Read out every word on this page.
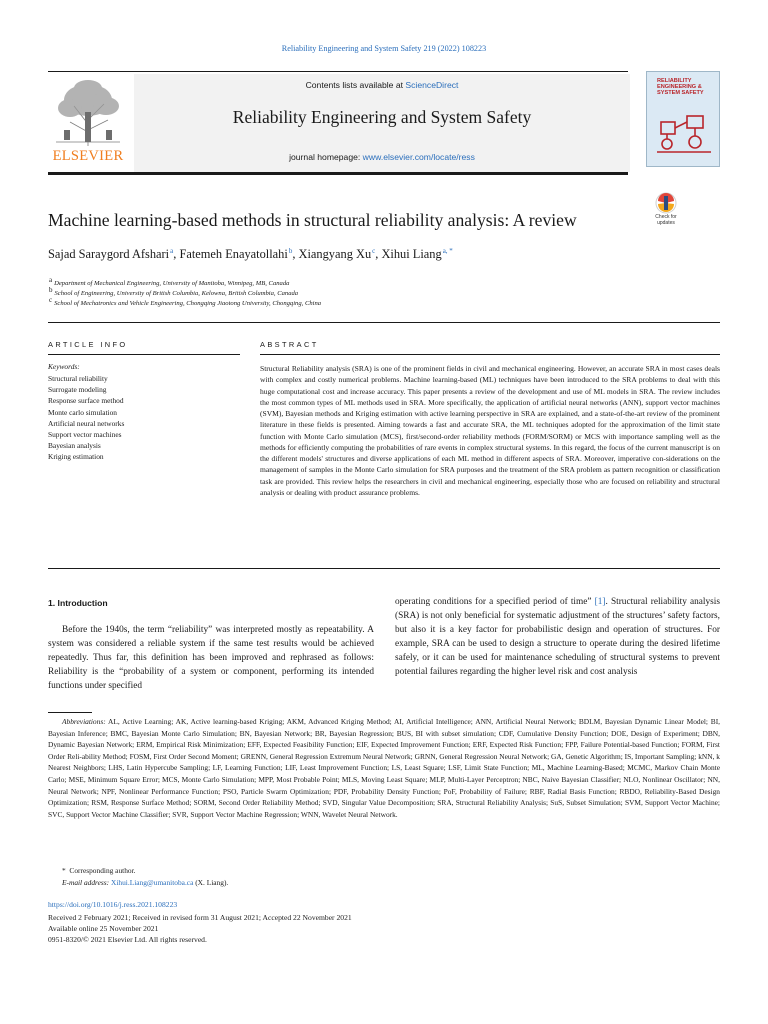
Reliability Engineering and System Safety 219 (2022) 108223
ELSEVIER
Contents lists available at ScienceDirect
Reliability Engineering and System Safety
journal homepage: www.elsevier.com/locate/ress
RELIABILITY ENGINEERING & SYSTEM SAFETY
Machine learning-based methods in structural reliability analysis: A review	Check for updates
Sajad Saraygord Afshari$^a$, Fatemeh Enayatollahi$^b$, Xiangyang Xu$^c$, Xihui Liang$^{a, *}$
$^a$ Department of Mechanical Engineering, University of Manitoba, Winnipeg, MB, Canada
$^b$ School of Engineering, University of British Columbia, Kelowna, British Columbia, Canada
$^c$ School of Mechatronics and Vehicle Engineering, Chongqing Jiaotong University, Chongqing, China
ARTICLE INFO
Keywords:
Structural reliability
Surrogate modeling
Response surface method
Monte carlo simulation
Artificial neural networks
Support vector machines
Bayesian analysis
Kriging estimation
ABSTRACT
Structural Reliability analysis (SRA) is one of the prominent fields in civil and mechanical engineering. However, an accurate SRA in most cases deals with complex and costly numerical problems. Machine learning-based (ML) techniques have been introduced to the SRA problems to deal with this huge computational cost and increase accuracy. This paper presents a review of the development and use of ML models in SRA. The review includes the most common types of ML methods used in SRA. More specifically, the application of artificial neural networks (ANN), support vector machines (SVM), Bayesian methods and Kriging estimation with active learning perspective in SRA are explained, and a state-of-the-art review of the prominent literature in these fields is presented. Aiming towards a fast and accurate SRA, the ML techniques adopted for the approximation of the limit state function with Monte Carlo simulation (MCS), first/second-order reliability methods (FORM/SORM) or MCS with importance sampling well as the methods for efficiently computing the probabilities of rare events in complex structural systems. In this regard, the focus of the current manuscript is on the different models' structures and diverse applications of each ML method in different aspects of SRA. Moreover, imperative con-siderations on the management of samples in the Monte Carlo simulation for SRA purposes and the treatment of the SRA problem as pattern recognition or classification task are provided. This review helps the researchers in civil and mechanical engineering, especially those who are focused on reliability and structural analysis or dealing with product assurance problems.
1. Introduction
Before the 1940s, the term “reliability” was interpreted mostly as repeatability. A system was considered a reliable system if the same test results would be achieved repeatedly. Thus far, this definition has been improved and rephrased as follows: Reliability is the “probability of a system or component, performing its intended functions under specified
operating conditions for a specified period of time” [1]. Structural reliability analysis (SRA) is not only beneficial for systematic adjustment of the structures’ safety factors, but also it is a key factor for probabilistic design and operation of structures. For example, SRA can be used to design a structure to operate during the desired lifetime safely, or it can be used for maintenance scheduling of structural systems to prevent potential failures regarding the higher level risk and cost analysis
Abbreviations: AL, Active Learning; AK, Active learning-based Kriging; AKM, Advanced Kriging Method; AI, Artificial Intelligence; ANN, Artificial Neural Network; BDLM, Bayesian Dynamic Linear Model; BI, Bayesian Inference; BMC, Bayesian Monte Carlo Simulation; BN, Bayesian Network; BR, Bayesian Regression; BUS, BI with subset simulation; CDF, Cumulative Density Function; DOE, Design of Experiment; DBN, Dynamic Bayesian Network; ERM, Empirical Risk Minimization; EFF, Expected Feasibility Function; EIF, Expected Improvement Function; ERF, Expected Risk Function; FPP, Failure Potential-based Function; FORM, First Order Reli-ability Method; FOSM, First Order Second Moment; GRENN, General Regression Extremum Neural Network; GRNN, General Regression Neural Network; GA, Genetic Algorithm; IS, Important Sampling; kNN, k Nearest Neighbors; LHS, Latin Hypercube Sampling; LF, Learning Function; LIF, Least Improvement Function; LS, Least Square; LSF, Limit State Function; ML, Machine Learning-Based; MCMC, Markov Chain Monte Carlo; MSE, Minimum Square Error; MCS, Monte Carlo Simulation; MPP, Most Probable Point; MLS, Moving Least Square; MLP, Multi-Layer Perceptron; NBC, Naive Bayesian Classifier; NLO, Nonlinear Oscillator; NN, Neural Network; NPF, Nonlinear Performance Function; PSO, Particle Swarm Optimization; PDF, Probability Density Function; PoF, Probability of Failure; RBF, Radial Basis Function; RBDO, Reliability-Based Design Optimization; RSM, Response Surface Method; SORM, Second Order Reliability Method; SVD, Singular Value Decomposition; SRA, Structural Reliability Analysis; SuS, Subset Simulation; SVM, Support Vector Machine; SVC, Support Vector Machine Classifier; SVR, Support Vector Machine Regression; WNN, Wavelet Neural Network.
* Corresponding author.
E-mail address: Xihui.Liang@umanitoba.ca (X. Liang).
https://doi.org/10.1016/j.ress.2021.108223
Received 2 February 2021; Received in revised form 31 August 2021; Accepted 22 November 2021
Available online 25 November 2021
0951-8320/© 2021 Elsevier Ltd. All rights reserved.
